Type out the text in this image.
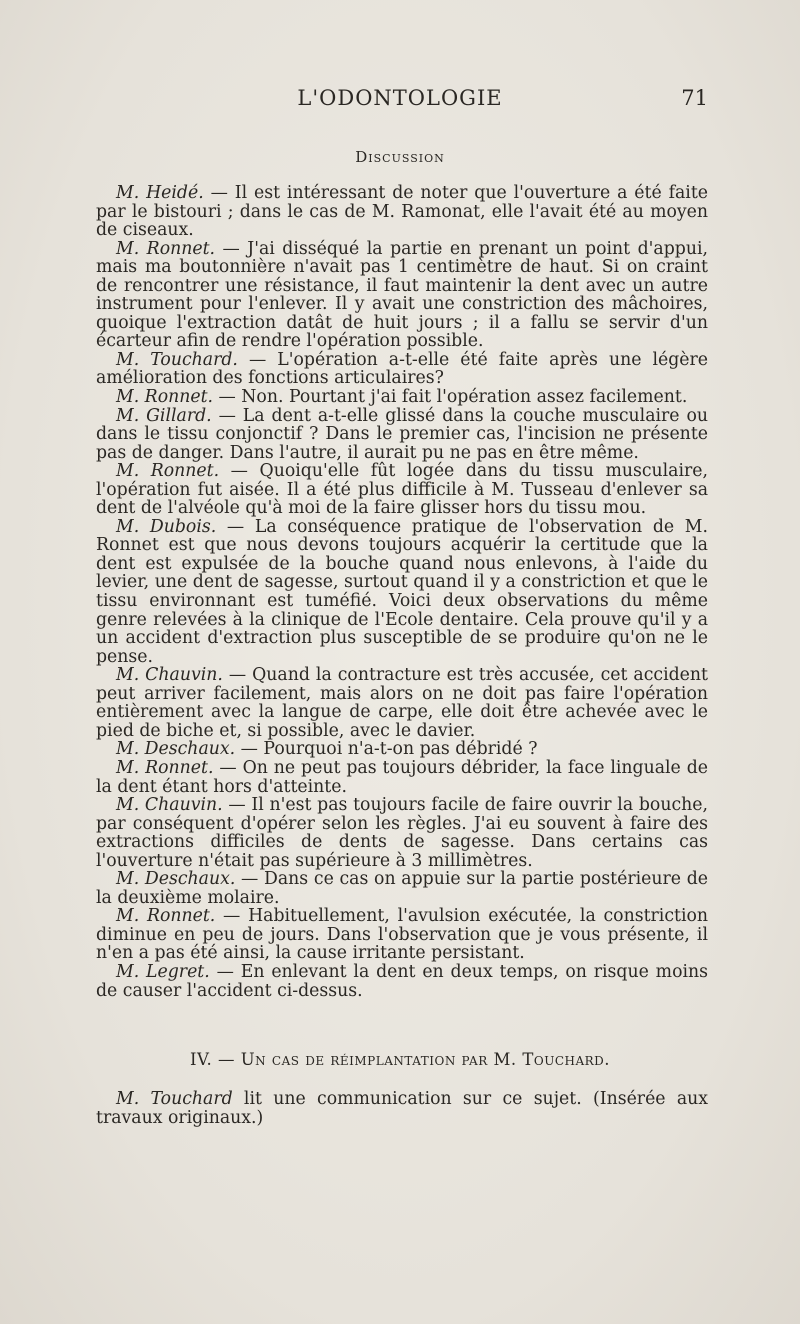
L'ODONTOLOGIE	71
Discussion

M. Heidé. — Il est intéressant de noter que l'ouverture a été faite par le bistouri ; dans le cas de M. Ramonat, elle l'avait été au moyen de ciseaux.

M. Ronnet. — J'ai disséqué la partie en prenant un point d'appui, mais ma boutonnière n'avait pas 1 centimètre de haut. Si on craint de rencontrer une résistance, il faut maintenir la dent avec un autre instrument pour l'enlever. Il y avait une constriction des mâchoires, quoique l'extraction datât de huit jours ; il a fallu se servir d'un écarteur afin de rendre l'opération possible.

M. Touchard. — L'opération a-t-elle été faite après une légère amélioration des fonctions articulaires?

M. Ronnet. — Non. Pourtant j'ai fait l'opération assez facilement.

M. Gillard. — La dent a-t-elle glissé dans la couche musculaire ou dans le tissu conjonctif ? Dans le premier cas, l'incision ne présente pas de danger. Dans l'autre, il aurait pu ne pas en être même.

M. Ronnet. — Quoiqu'elle fût logée dans du tissu musculaire, l'opération fut aisée. Il a été plus difficile à M. Tusseau d'enlever sa dent de l'alvéole qu'à moi de la faire glisser hors du tissu mou.

M. Dubois. — La conséquence pratique de l'observation de M. Ronnet est que nous devons toujours acquérir la certitude que la dent est expulsée de la bouche quand nous enlevons, à l'aide du levier, une dent de sagesse, surtout quand il y a constriction et que le tissu environnant est tuméfié. Voici deux observations du même genre relevées à la clinique de l'Ecole dentaire. Cela prouve qu'il y a un accident d'extraction plus susceptible de se produire qu'on ne le pense.

M. Chauvin. — Quand la contracture est très accusée, cet accident peut arriver facilement, mais alors on ne doit pas faire l'opération entièrement avec la langue de carpe, elle doit être achevée avec le pied de biche et, si possible, avec le davier.

M. Deschaux. — Pourquoi n'a-t-on pas débridé ?

M. Ronnet. — On ne peut pas toujours débrider, la face linguale de la dent étant hors d'atteinte.

M. Chauvin. — Il n'est pas toujours facile de faire ouvrir la bouche, par conséquent d'opérer selon les règles. J'ai eu souvent à faire des extractions difficiles de dents de sagesse. Dans certains cas l'ouverture n'était pas supérieure à 3 millimètres.

M. Deschaux. — Dans ce cas on appuie sur la partie postérieure de la deuxième molaire.

M. Ronnet. — Habituellement, l'avulsion exécutée, la constriction diminue en peu de jours. Dans l'observation que je vous présente, il n'en a pas été ainsi, la cause irritante persistant.

M. Legret. — En enlevant la dent en deux temps, on risque moins de causer l'accident ci-dessus.

IV. — Un cas de réimplantation par M. Touchard.

M. Touchard lit une communication sur ce sujet. (Insérée aux travaux originaux.)
